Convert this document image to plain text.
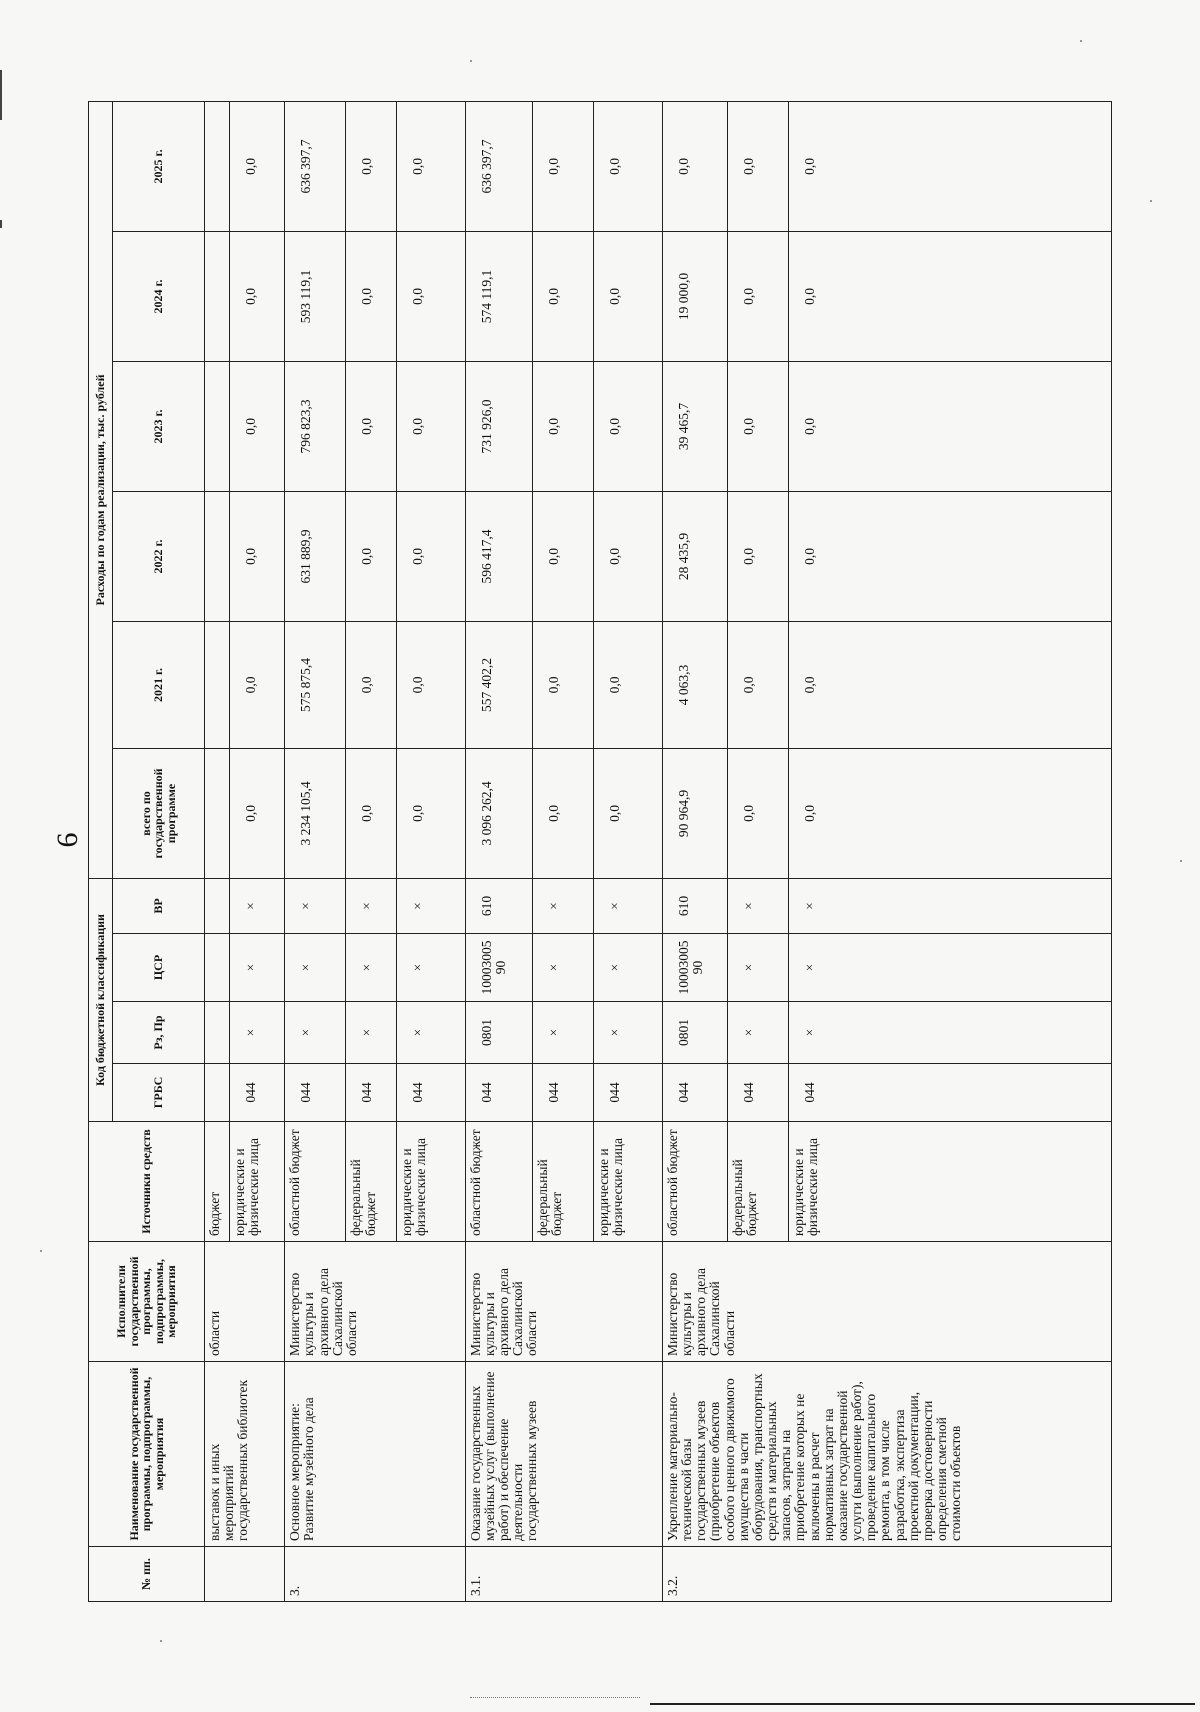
6
№ пп.	Наименование государственной программы, подпрограммы, мероприятия	Исполнители государственной программы, подпрограммы, мероприятия	Источники средств	Код бюджетной классификации				Расходы по годам реализации, тыс. рублей					
				ГРБС	Рз, Пр	ЦСР	ВР	всего по государственной программе	2021 г.	2022 г.	2023 г.	2024 г.	2025 г.

	выставок и иных мероприятий государственных библиотек	области	бюджет										
			юридические и физические лица	044	×	×	×	0,0	0,0	0,0	0,0	0,0	0,0
3.	Основное мероприятие: Развитие музейного дела	Министерство культуры и архивного дела Сахалинской области	областной бюджет	044	×	×	×	3 234 105,4	575 875,4	631 889,9	796 823,3	593 119,1	636 397,7
			федеральный бюджет	044	×	×	×	0,0	0,0	0,0	0,0	0,0	0,0
			юридические и физические лица	044	×	×	×	0,0	0,0	0,0	0,0	0,0	0,0
3.1.	Оказание государственных музейных услуг (выполнение работ) и обеспечение деятельности государственных музеев	Министерство культуры и архивного дела Сахалинской области	областной бюджет	044	0801	1000300590	610	3 096 262,4	557 402,2	596 417,4	731 926,0	574 119,1	636 397,7
			федеральный бюджет	044	×	×	×	0,0	0,0	0,0	0,0	0,0	0,0
			юридические и физические лица	044	×	×	×	0,0	0,0	0,0	0,0	0,0	0,0
3.2.	Укрепление материально-технической базы государственных музеев (приобретение объектов особого ценного движимого имущества в части оборудования, транспортных средств и материальных запасов, затраты на приобретение которых не включены в расчет нормативных затрат на оказание государственной услуги (выполнение работ), проведение капитального ремонта, в том числе разработка, экспертиза проектной документации, проверка достоверности определения сметной стоимости объектов	Министерство культуры и архивного дела Сахалинской области	областной бюджет	044	0801	1000300590	610	90 964,9	4 063,3	28 435,9	39 465,7	19 000,0	0,0
			федеральный бюджет	044	×	×	×	0,0	0,0	0,0	0,0	0,0	0,0
			юридические и физические лица	044	×	×	×	0,0	0,0	0,0	0,0	0,0	0,0
